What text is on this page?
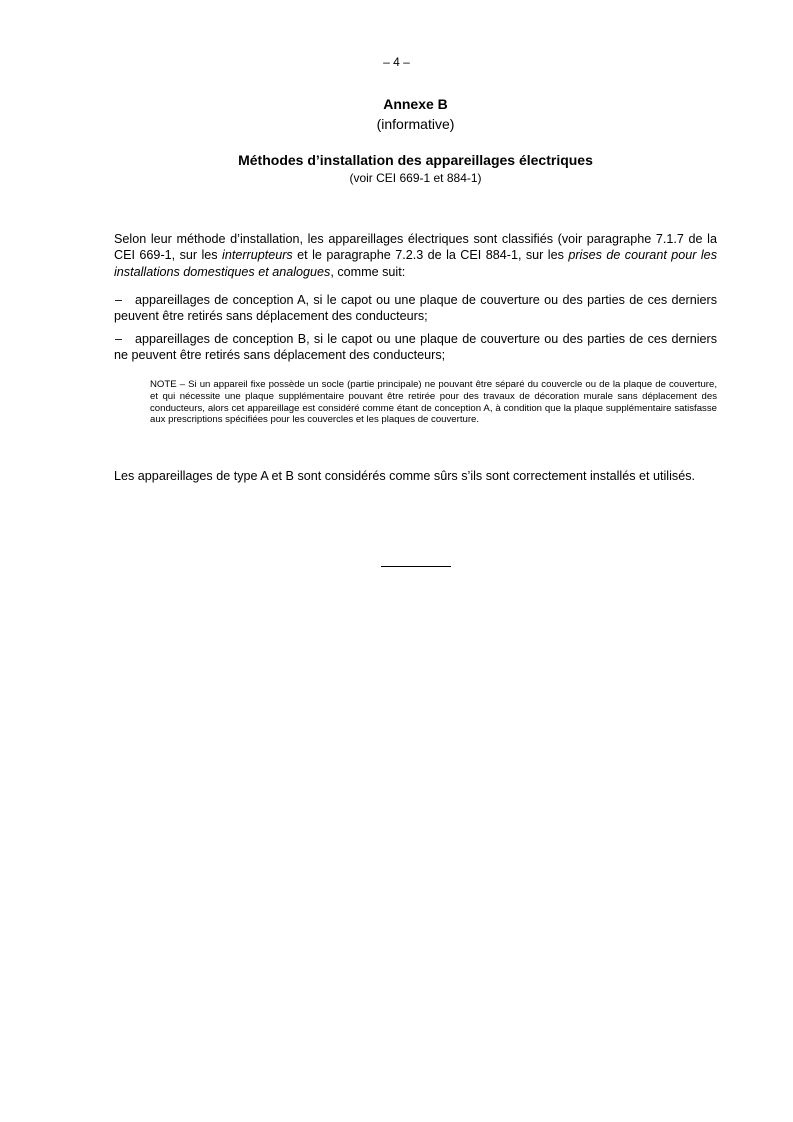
– 4 –
Annexe B
(informative)
Méthodes d’installation des appareillages électriques
(voir CEI 669-1 et 884-1)

Selon leur méthode d’installation, les appareillages électriques sont classifiés (voir paragraphe 7.1.7 de la CEI 669-1, sur les interrupteurs et le paragraphe 7.2.3 de la CEI 884-1, sur les prises de courant pour les installations domestiques et analogues, comme suit:

– appareillages de conception A, si le capot ou une plaque de couverture ou des parties de ces derniers peuvent être retirés sans déplacement des conducteurs;

– appareillages de conception B, si le capot ou une plaque de couverture ou des parties de ces derniers ne peuvent être retirés sans déplacement des conducteurs;

NOTE – Si un appareil fixe possède un socle (partie principale) ne pouvant être séparé du couvercle ou de la plaque de couverture, et qui nécessite une plaque supplémentaire pouvant être retirée pour des travaux de décoration murale sans déplacement des conducteurs, alors cet appareillage est considéré comme étant de conception A, à condition que la plaque supplémentaire satisfasse aux prescriptions spécifiées pour les couvercles et les plaques de couverture.

Les appareillages de type A et B sont considérés comme sûrs s’ils sont correctement installés et utilisés.
